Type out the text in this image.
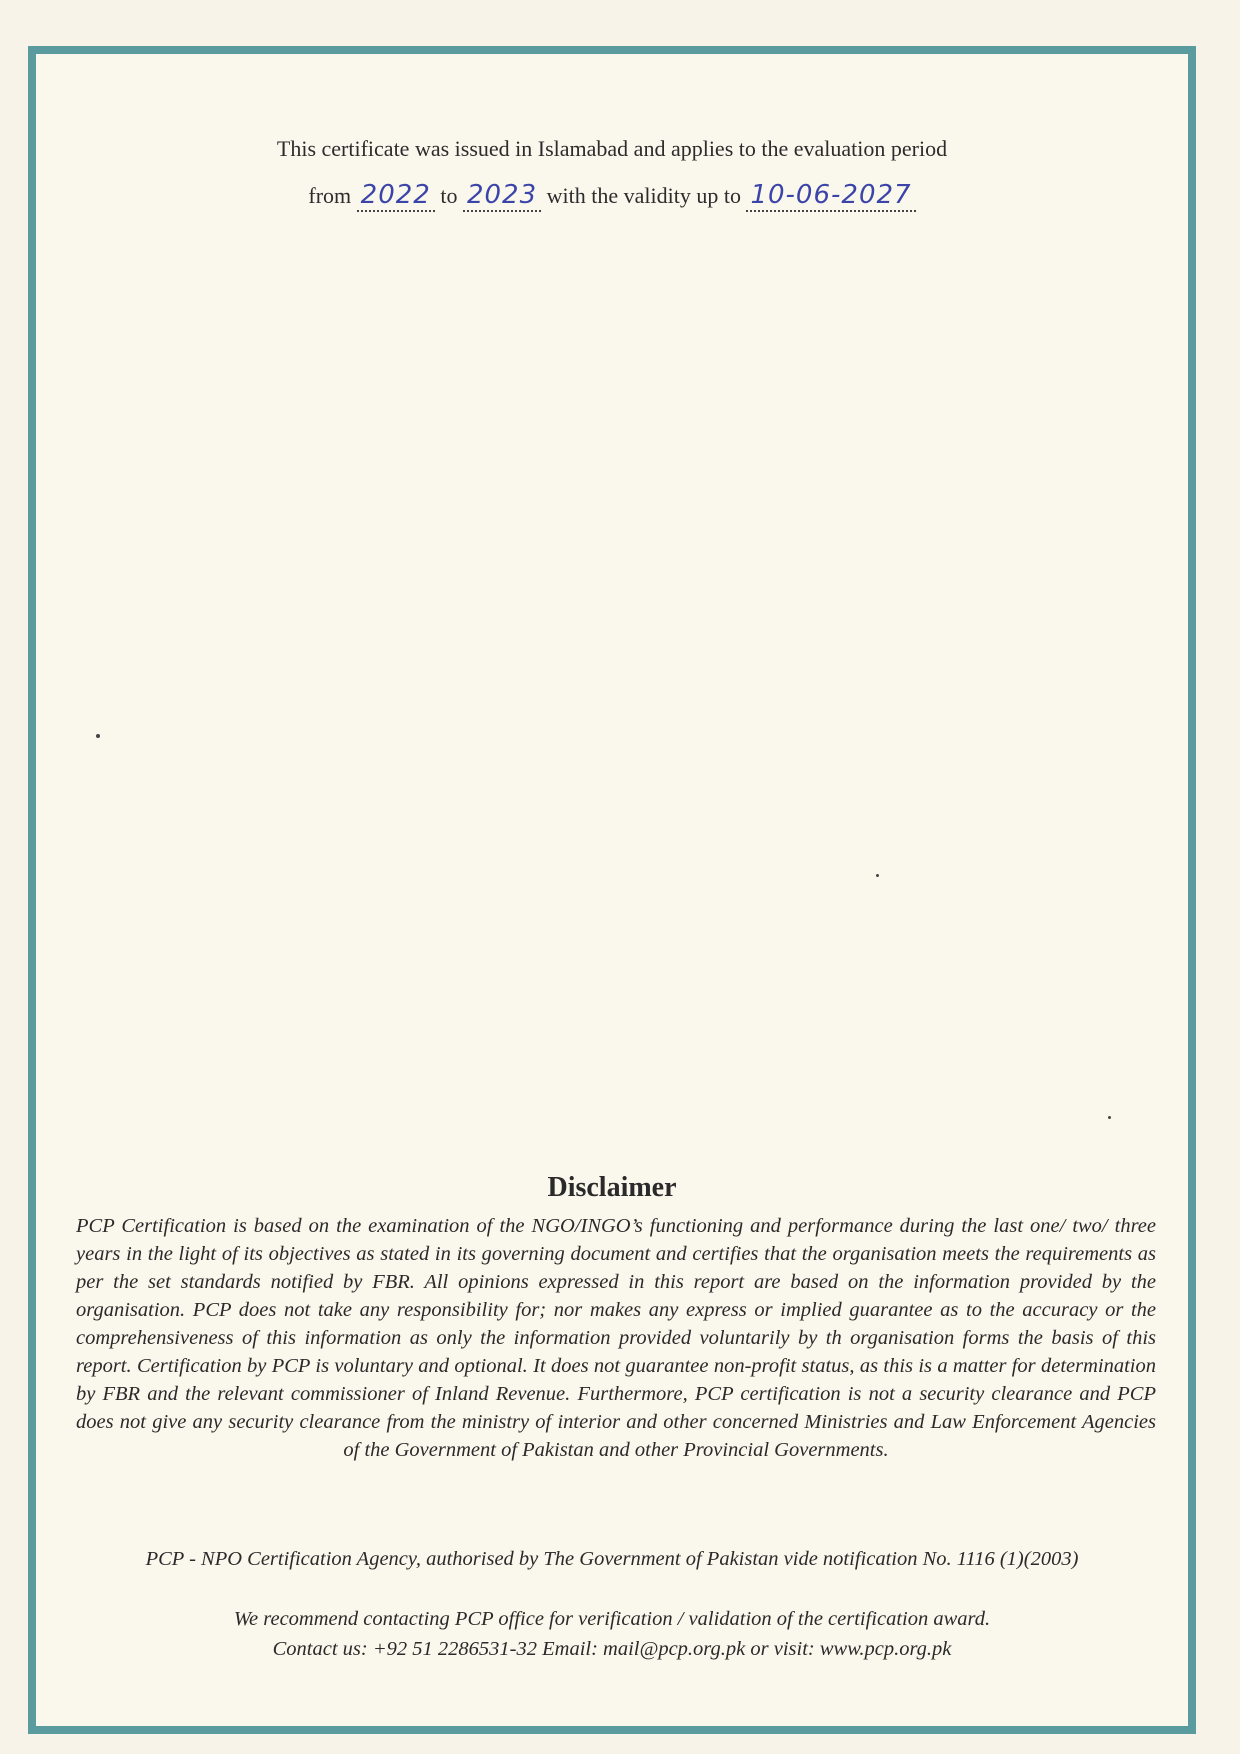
This certificate was issued in Islamabad and applies to the evaluation period
from 2022 to 2023 with the validity up to 10-06-2027
Disclaimer
PCP Certification is based on the examination of the NGO/INGO’s functioning and performance during the last one/ two/ three years in the light of its objectives as stated in its governing document and certifies that the organisation meets the requirements as per the set standards notified by FBR. All opinions expressed in this report are based on the information provided by the organisation. PCP does not take any responsibility for; nor makes any express or implied guarantee as to the accuracy or the comprehensiveness of this information as only the information provided voluntarily by th organisation forms the basis of this report. Certification by PCP is voluntary and optional. It does not guarantee non-profit status, as this is a matter for determination by FBR and the relevant commissioner of Inland Revenue. Furthermore, PCP certification is not a security clearance and PCP does not give any security clearance from the ministry of interior and other concerned Ministries and Law Enforcement Agencies of the Government of Pakistan and other Provincial Governments.
PCP - NPO Certification Agency, authorised by The Government of Pakistan vide notification No. 1116 (1)(2003)
We recommend contacting PCP office for verification / validation of the certification award.
Contact us: +92 51 2286531-32 Email: mail@pcp.org.pk or visit: www.pcp.org.pk
